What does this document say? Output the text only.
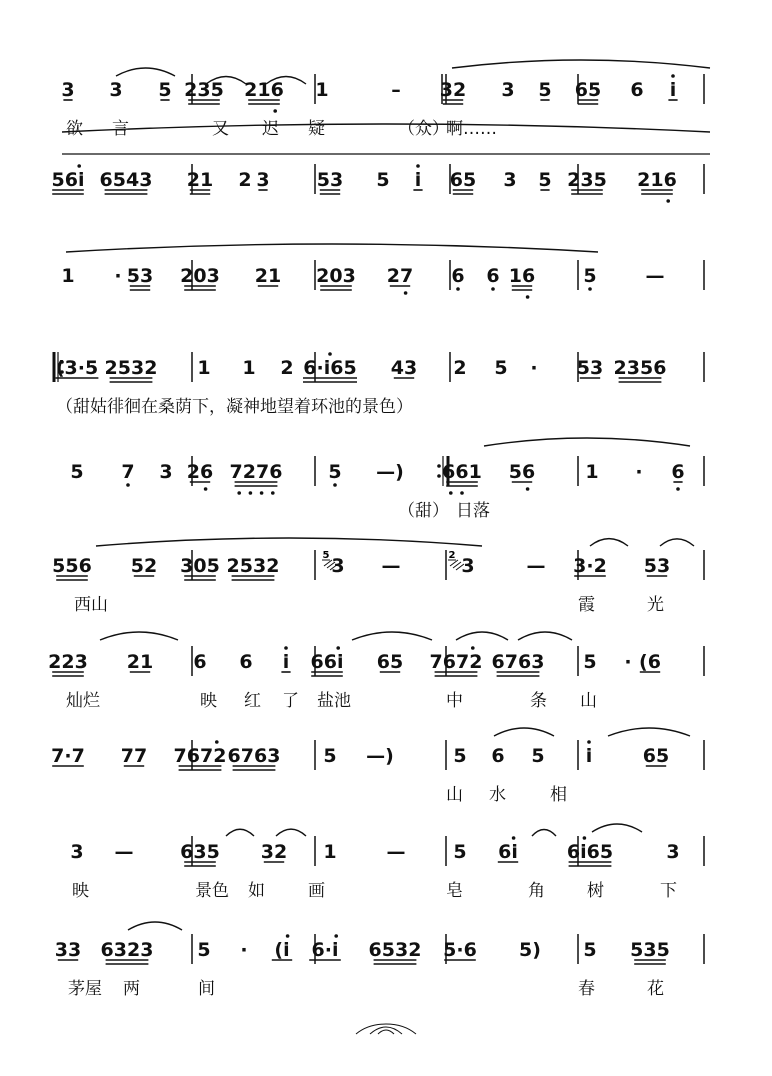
3 3 5 235 216 1	– 32 3 5 65 6 i
欲 言	又 迟 疑	（众）
啊……
56i 6543 21 2 3 53 5 i 65 3 5 235 216
1 · 53 203 21 203 27 6 6 16	5	—
(3·5 2532 1 1 2 6·i65 43 2 5 · 53 2356
（甜姑徘徊在桑荫下，凝神地望着环池的景色）
5 7 3 26 7276 5 —) 661 56	1 · 6
（甜） 日落
556 52 305 2532	3 —	3	— 3·2 53
5	2
西山	霞	光
223 21 6 6 i 66i 65 7672 6763 5 · (6
灿烂	映 红 了 盐池	中	条 山
7·7 77 7672 6763 5 —)	5 6 5 i	65
山 水	相
3 — 635 32 1	—	5 6i	6i65	3
映	景色 如	画	皂	角 树	下
33 6323 5 · (i 6·i 6532 5·6 5) 5 535
茅屋 两	间	春	花
